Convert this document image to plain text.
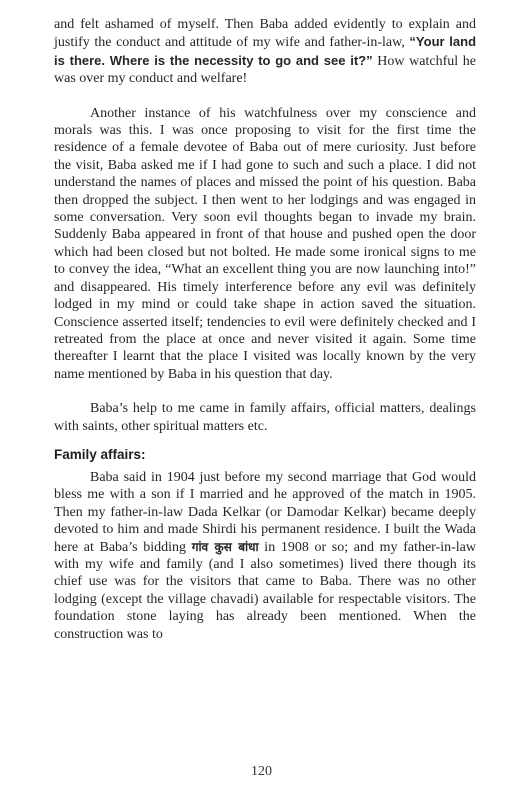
and felt ashamed of myself. Then Baba added evidently to explain and justify the conduct and attitude of my wife and father-in-law, “Your land is there. Where is the necessity to go and see it?” How watchful he was over my conduct and welfare!

Another instance of his watchfulness over my conscience and morals was this. I was once proposing to visit for the first time the residence of a female devotee of Baba out of mere curiosity. Just before the visit, Baba asked me if I had gone to such and such a place. I did not understand the names of places and missed the point of his question. Baba then dropped the subject. I then went to her lodgings and was engaged in some conversation. Very soon evil thoughts began to invade my brain. Suddenly Baba appeared in front of that house and pushed open the door which had been closed but not bolted. He made some ironical signs to me to convey the idea, “What an excellent thing you are now launching into!” and disappeared. His timely interference before any evil was definitely lodged in my mind or could take shape in action saved the situation. Conscience asserted itself; tendencies to evil were definitely checked and I retreated from the place at once and never visited it again. Some time thereafter I learnt that the place I visited was locally known by the very name mentioned by Baba in his question that day.

Baba’s help to me came in family affairs, official matters, dealings with saints, other spiritual matters etc.

Family affairs:

Baba said in 1904 just before my second marriage that God would bless me with a son if I married and he approved of the match in 1905. Then my father-in-law Dada Kelkar (or Damodar Kelkar) became deeply devoted to him and made Shirdi his permanent residence. I built the Wada here at Baba’s bidding गांव कुस बांधा in 1908 or so; and my father-in-law with my wife and family (and I also sometimes) lived there though its chief use was for the visitors that came to Baba. There was no other lodging (except the village chavadi) available for respectable visitors. The foundation stone laying has already been mentioned. When the construction was to

120
